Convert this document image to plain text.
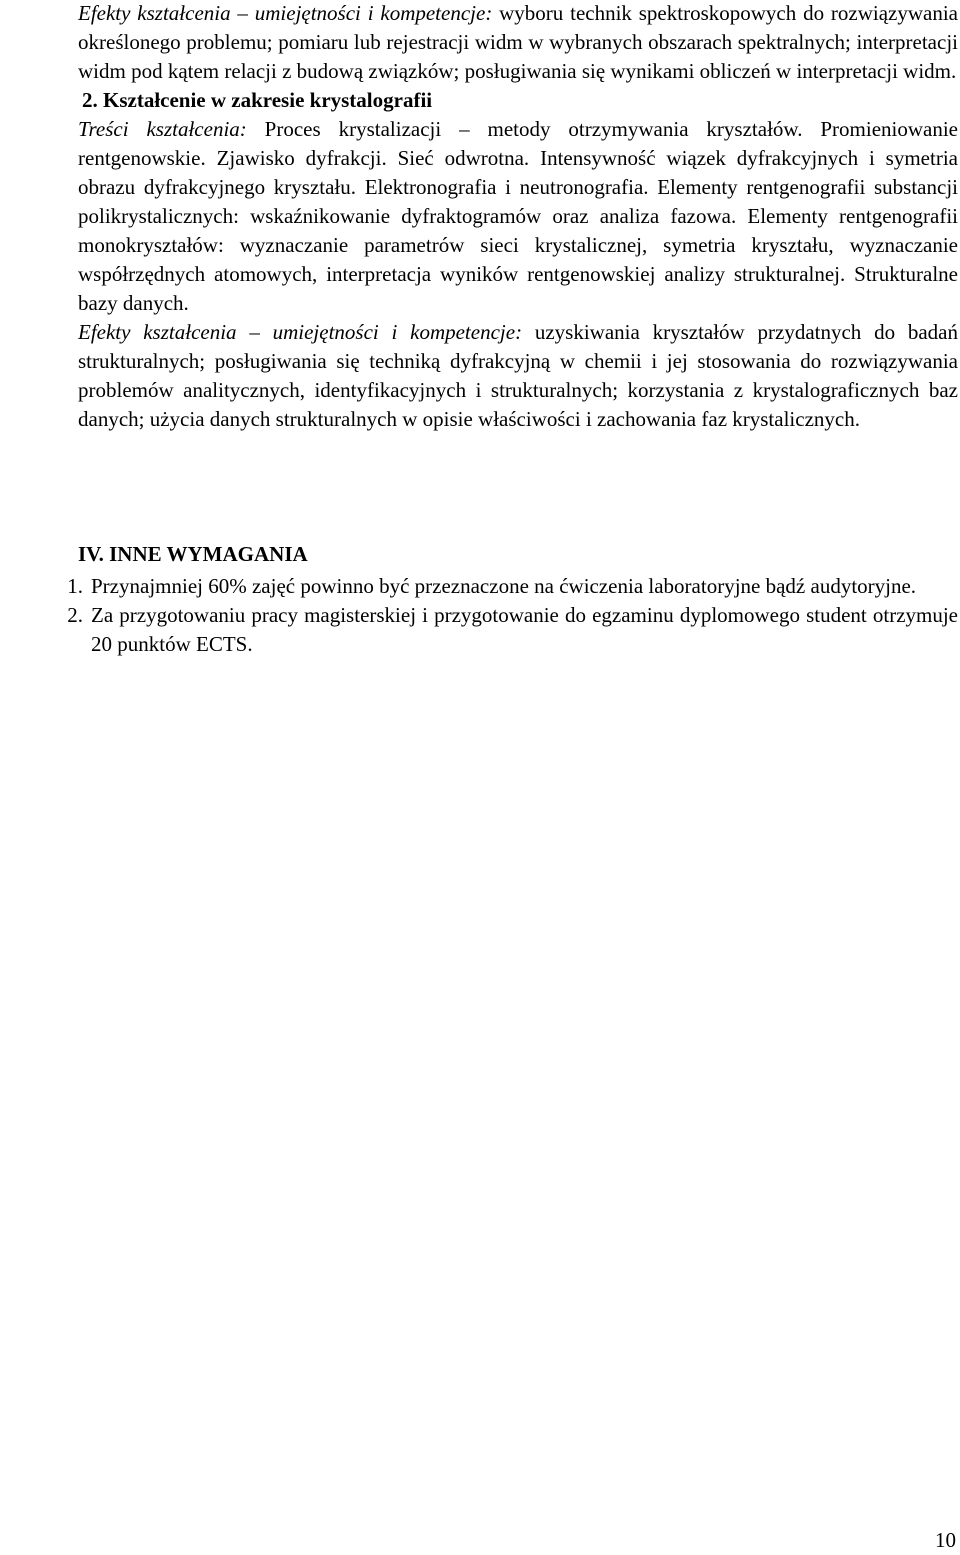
Efekty kształcenia – umiejętności i kompetencje: wyboru technik spektroskopowych do rozwiązywania określonego problemu; pomiaru lub rejestracji widm w wybranych obszarach spektralnych; interpretacji widm pod kątem relacji z budową związków; posługiwania się wynikami obliczeń w interpretacji widm.

2. Kształcenie w zakresie krystalografii

Treści kształcenia: Proces krystalizacji – metody otrzymywania kryształów. Promieniowanie rentgenowskie. Zjawisko dyfrakcji. Sieć odwrotna. Intensywność wiązek dyfrakcyjnych i symetria obrazu dyfrakcyjnego kryształu. Elektronografia i neutronografia. Elementy rentgenografii substancji polikrystalicznych: wskaźnikowanie dyfraktogramów oraz analiza fazowa. Elementy rentgenografii monokryształów: wyznaczanie parametrów sieci krystalicznej, symetria kryształu, wyznaczanie współrzędnych atomowych, interpretacja wyników rentgenowskiej analizy strukturalnej. Strukturalne bazy danych.

Efekty kształcenia – umiejętności i kompetencje: uzyskiwania kryształów przydatnych do badań strukturalnych; posługiwania się techniką dyfrakcyjną w chemii i jej stosowania do rozwiązywania problemów analitycznych, identyfikacyjnych i strukturalnych; korzystania z krystalograficznych baz danych; użycia danych strukturalnych w opisie właściwości i zachowania faz krystalicznych.

IV. INNE WYMAGANIA

1. Przynajmniej 60% zajęć powinno być przeznaczone na ćwiczenia laboratoryjne bądź audytoryjne.
2. Za przygotowaniu pracy magisterskiej i przygotowanie do egzaminu dyplomowego student otrzymuje 20 punktów ECTS.
10
